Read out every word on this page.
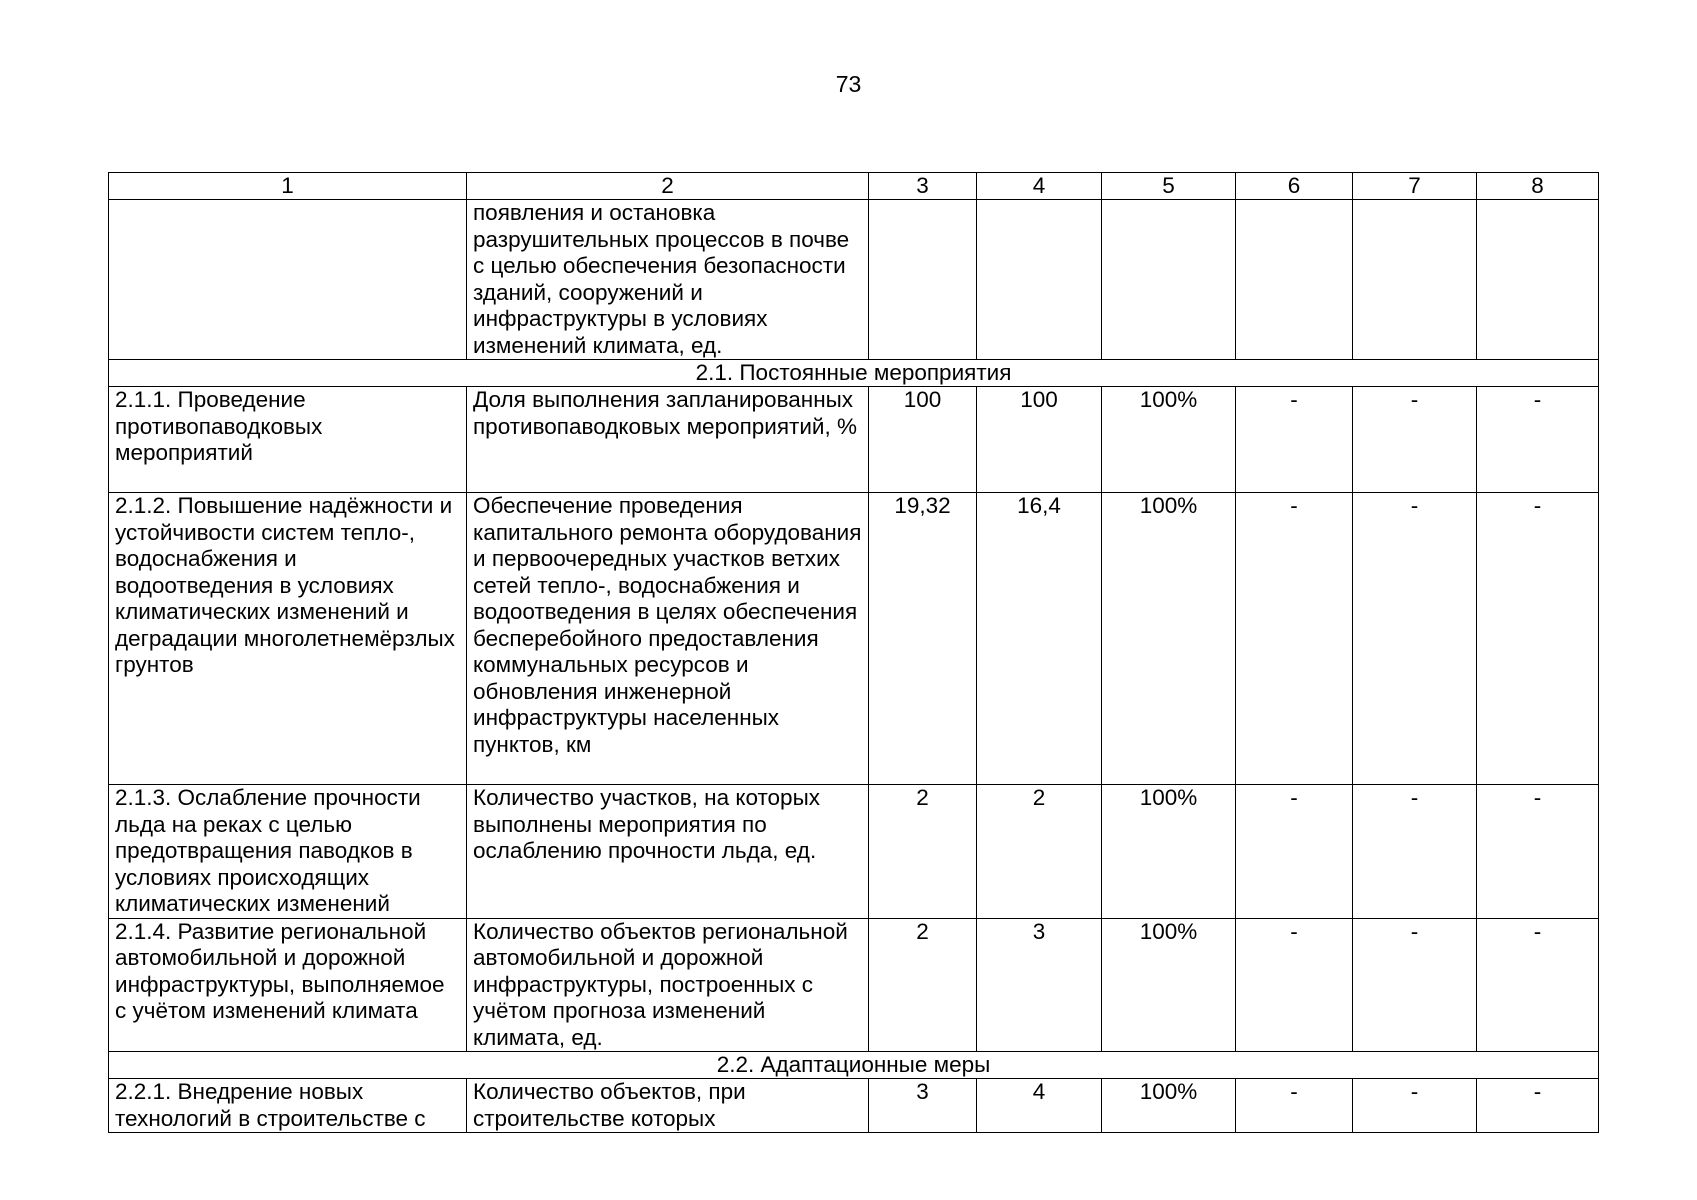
73
1	2	3	4	5	6	7	8
	появления и остановка разрушительных процессов в почве с целью обеспечения безопасности зданий, сооружений и инфраструктуры в условиях изменений климата, ед.						
2.1. Постоянные мероприятия							
2.1.1. Проведение противопаводковых мероприятий	Доля выполнения запланированных противопаводковых мероприятий, %	100	100	100%	-	-	-
2.1.2. Повышение надёжности и устойчивости систем тепло-, водоснабжения и водоотведения в условиях климатических изменений и деградации многолетнемёрзлых грунтов	Обеспечение проведения капитального ремонта оборудования и первоочередных участков ветхих сетей тепло-, водоснабжения и водоотведения в целях обеспечения бесперебойного предоставления коммунальных ресурсов и обновления инженерной инфраструктуры населенных пунктов, км	19,32	16,4	100%	-	-	-
2.1.3. Ослабление прочности льда на реках с целью предотвращения паводков в условиях происходящих климатических изменений	Количество участков, на которых выполнены мероприятия по ослаблению прочности льда, ед.	2	2	100%	-	-	-
2.1.4. Развитие региональной автомобильной и дорожной инфраструктуры, выполняемое с учётом изменений климата	Количество объектов региональной автомобильной и дорожной инфраструктуры, построенных с учётом прогноза изменений климата, ед.	2	3	100%	-	-	-
2.2. Адаптационные меры							
2.2.1. Внедрение новых технологий в строительстве с	Количество объектов, при строительстве которых	3	4	100%	-	-	-
